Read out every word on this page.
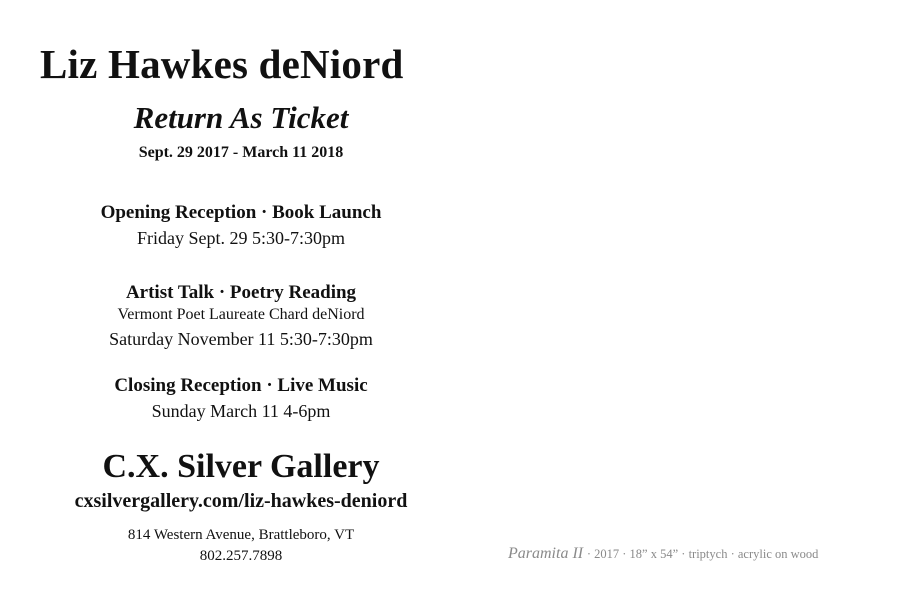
Liz Hawkes deNiord
Return As Ticket
Sept. 29 2017 - March 11 2018
Opening Reception · Book Launch
Friday Sept. 29 5:30-7:30pm
Artist Talk · Poetry Reading
Vermont Poet Laureate Chard deNiord
Saturday November 11 5:30-7:30pm
Closing Reception · Live Music
Sunday March 11 4-6pm
C.X. Silver Gallery
cxsilvergallery.com/liz-hawkes-deniord
814 Western Avenue, Brattleboro, VT
802.257.7898	Paramita II · 2017 · 18” x 54” · triptych · acrylic on wood
